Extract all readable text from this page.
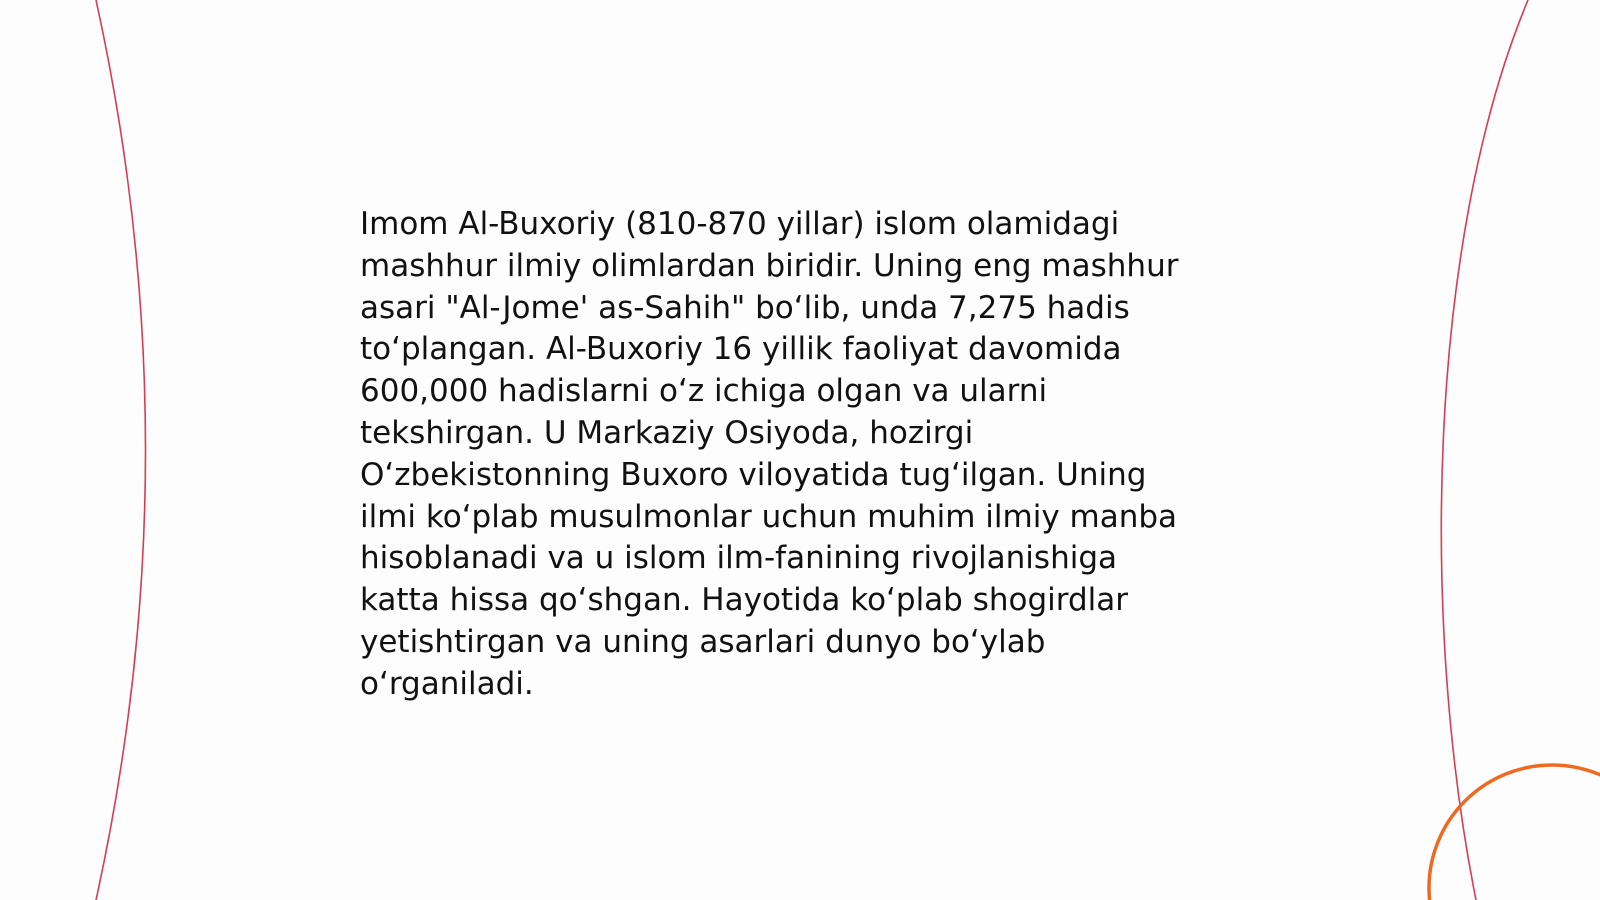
Imom Al-Buxoriy (810-870 yillar) islom olamidagi
mashhur ilmiy olimlardan biridir. Uning eng mashhur
asari "Al-Jome' as-Sahih" bo‘lib, unda 7,275 hadis
to‘plangan. Al-Buxoriy 16 yillik faoliyat davomida
600,000 hadislarni o‘z ichiga olgan va ularni
tekshirgan. U Markaziy Osiyoda, hozirgi
O‘zbekistonning Buxoro viloyatida tug‘ilgan. Uning
ilmi ko‘plab musulmonlar uchun muhim ilmiy manba
hisoblanadi va u islom ilm-fanining rivojlanishiga
katta hissa qo‘shgan. Hayotida ko‘plab shogirdlar
yetishtirgan va uning asarlari dunyo bo‘ylab
o‘rganiladi.
